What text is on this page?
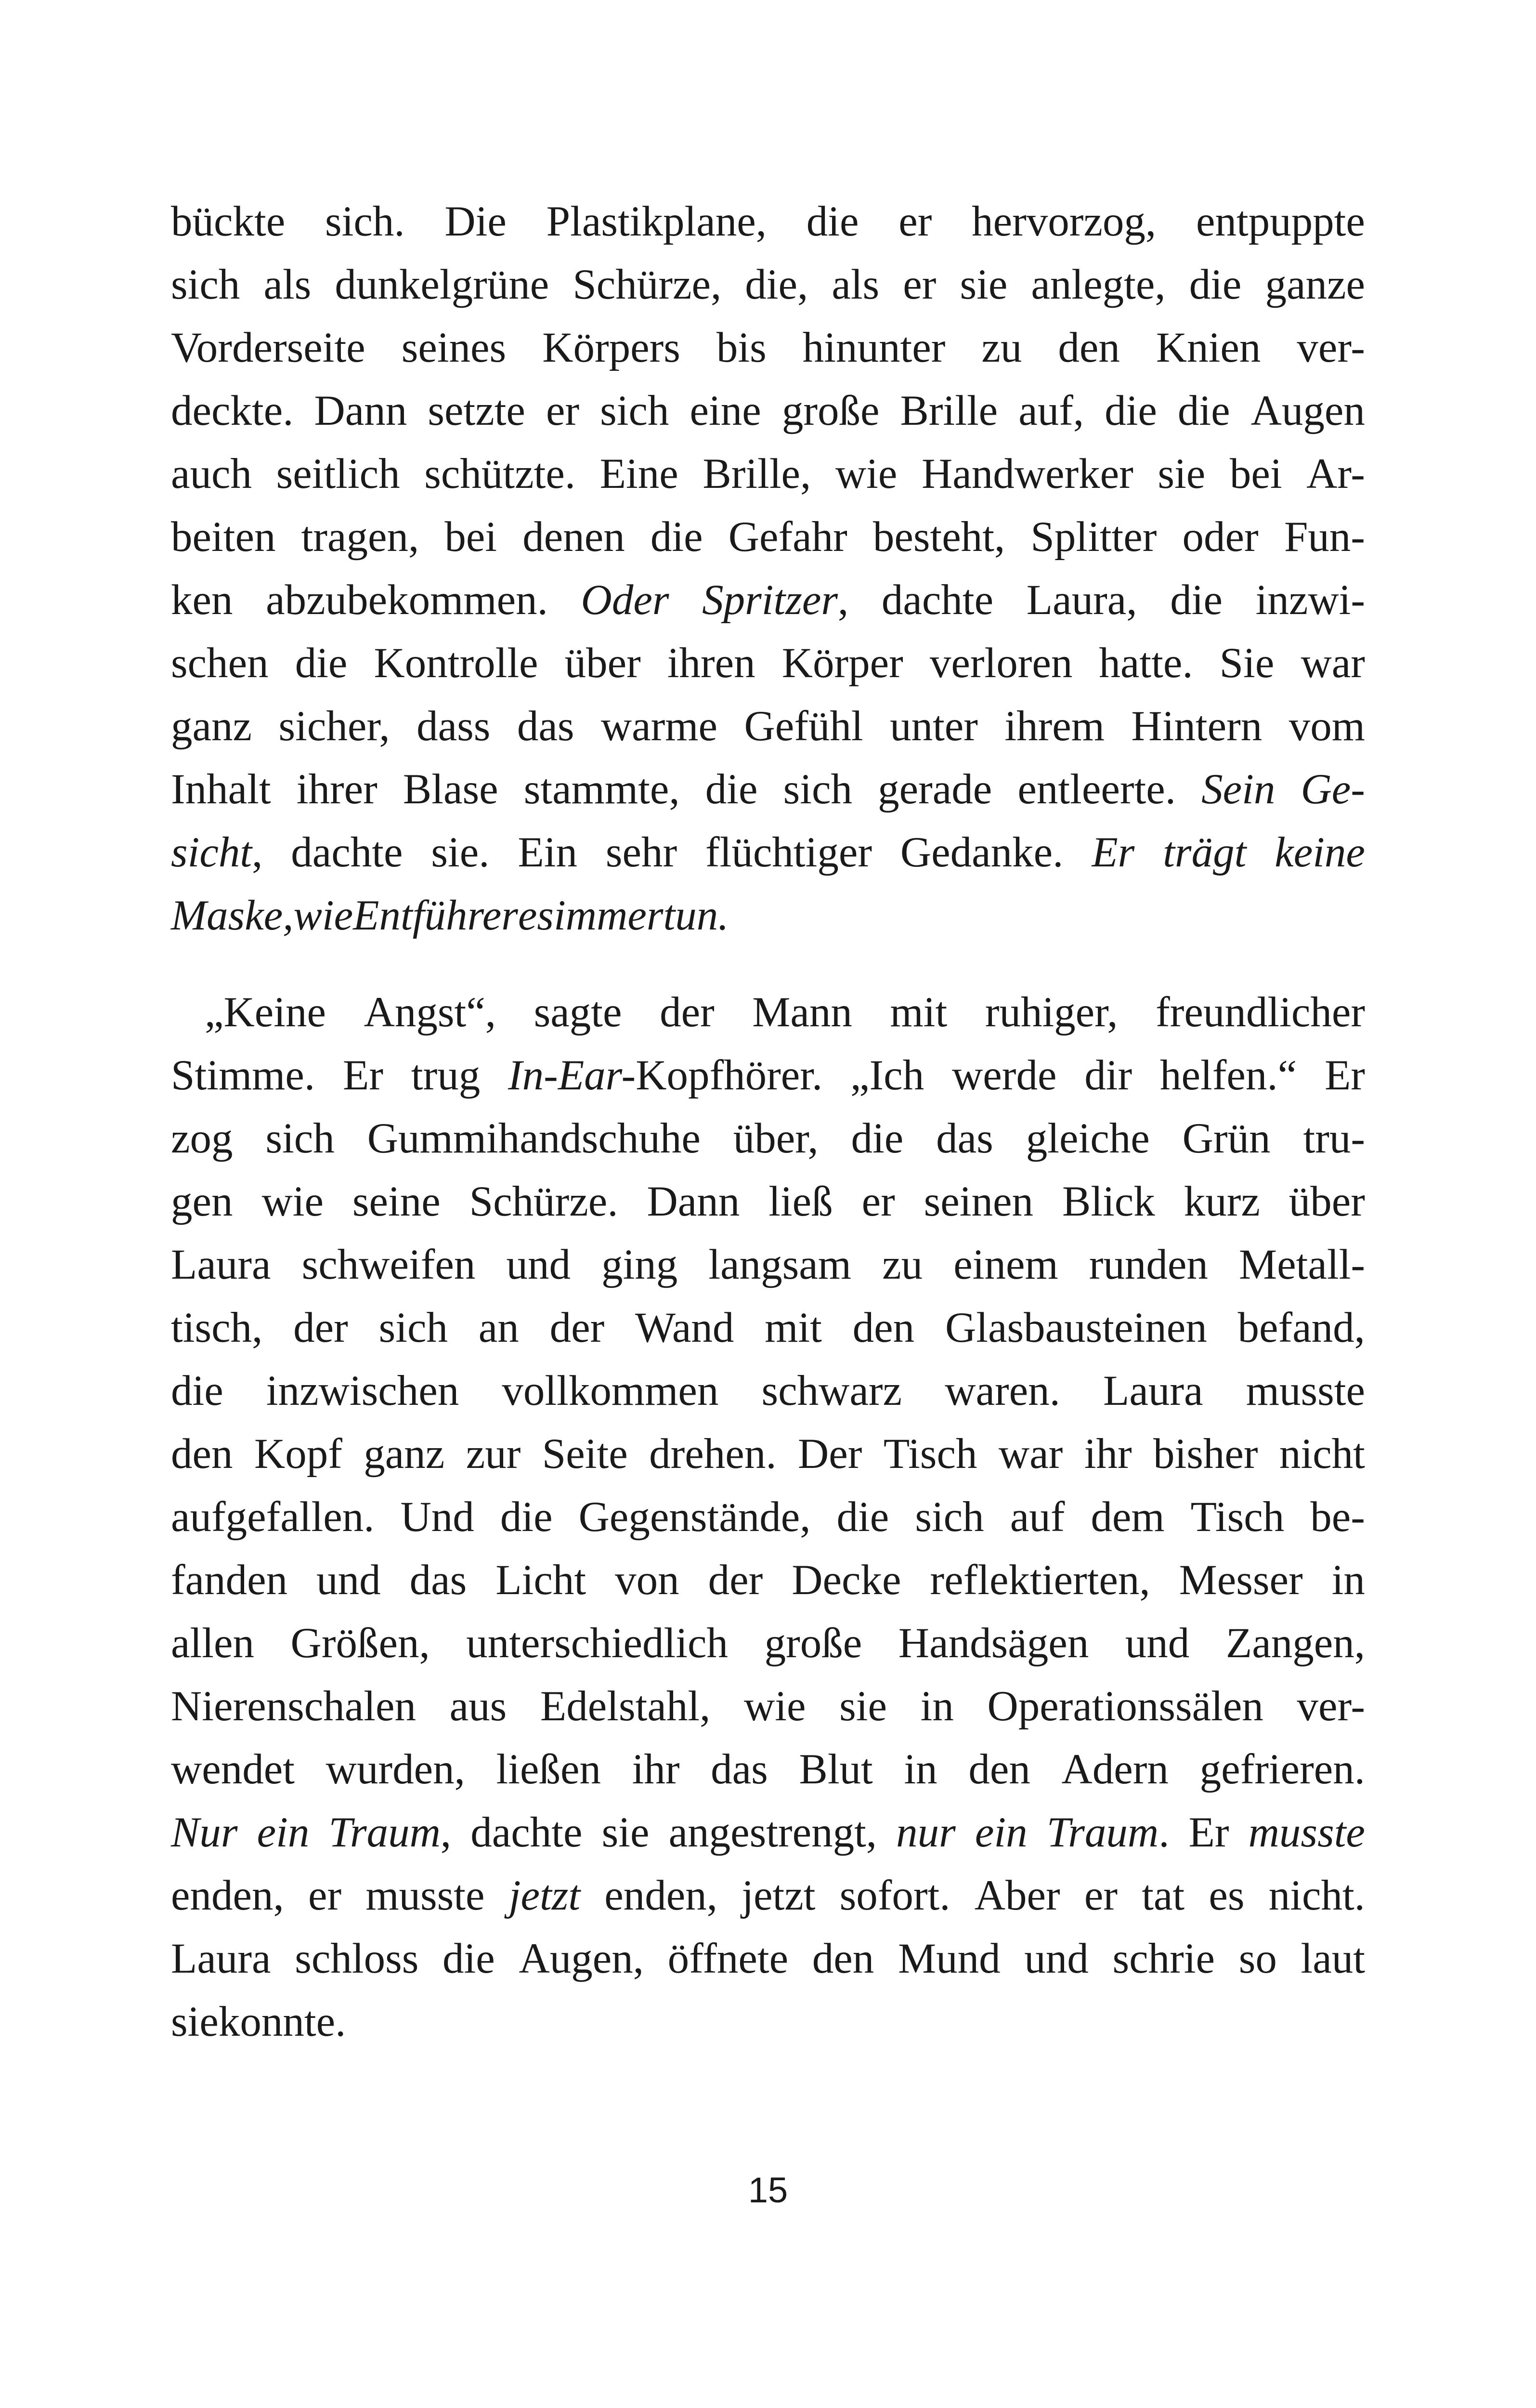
bückte sich. Die Plastikplane, die er hervorzog, entpuppte
sich als dunkelgrüne Schürze, die, als er sie anlegte, die ganze
Vorderseite seines Körpers bis hinunter zu den Knien ver-
deckte. Dann setzte er sich eine große Brille auf, die die Augen
auch seitlich schützte. Eine Brille, wie Handwerker sie bei Ar-
beiten tragen, bei denen die Gefahr besteht, Splitter oder Fun-
ken abzubekommen. Oder Spritzer, dachte Laura, die inzwi-
schen die Kontrolle über ihren Körper verloren hatte. Sie war
ganz sicher, dass das warme Gefühl unter ihrem Hintern vom
Inhalt ihrer Blase stammte, die sich gerade entleerte. Sein Ge-
sicht, dachte sie. Ein sehr flüchtiger Gedanke. Er trägt keine
Maske, wie Entführer es immer tun.
„Keine Angst“, sagte der Mann mit ruhiger, freundlicher
Stimme. Er trug In-Ear-Kopfhörer. „Ich werde dir helfen.“ Er
zog sich Gummihandschuhe über, die das gleiche Grün tru-
gen wie seine Schürze. Dann ließ er seinen Blick kurz über
Laura schweifen und ging langsam zu einem runden Metall-
tisch, der sich an der Wand mit den Glasbausteinen befand,
die inzwischen vollkommen schwarz waren. Laura musste
den Kopf ganz zur Seite drehen. Der Tisch war ihr bisher nicht
aufgefallen. Und die Gegenstände, die sich auf dem Tisch be-
fanden und das Licht von der Decke reflektierten, Messer in
allen Größen, unterschiedlich große Handsägen und Zangen,
Nierenschalen aus Edelstahl, wie sie in Operationssälen ver-
wendet wurden, ließen ihr das Blut in den Adern gefrieren.
Nur ein Traum, dachte sie angestrengt, nur ein Traum. Er musste
enden, er musste jetzt enden, jetzt sofort. Aber er tat es nicht.
Laura schloss die Augen, öffnete den Mund und schrie so laut
sie konnte.
15
